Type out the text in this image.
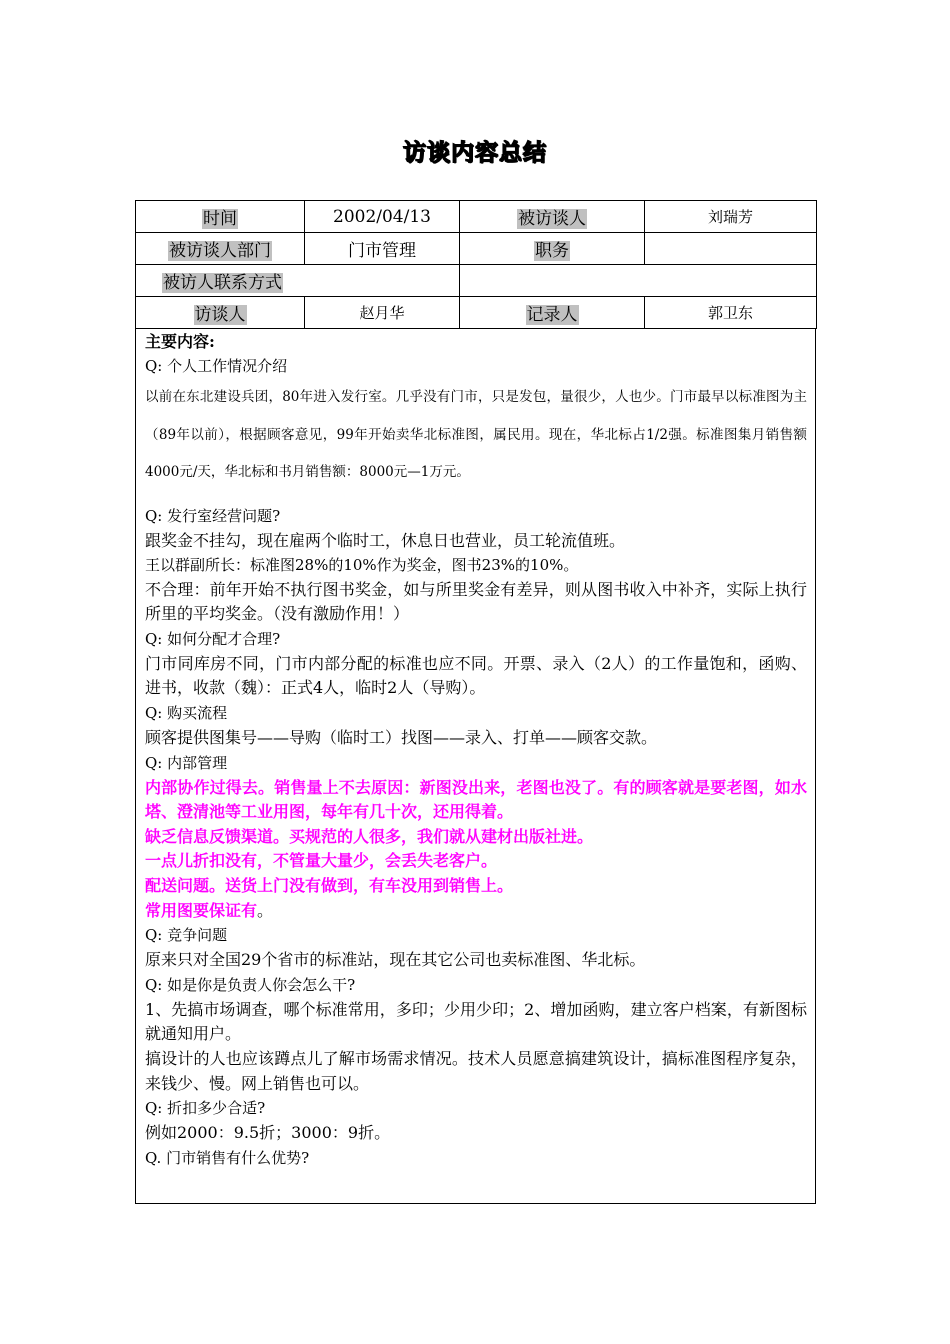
访谈内容总结
时间	2002/04/13	被访谈人	刘瑞芳
被访谈人部门	门市管理	职务	
被访人联系方式			
访谈人	赵月华	记录人	郭卫东
主要内容:
Q: 个人工作情况介绍
以前在东北建设兵团，80年进入发行室。几乎没有门市，只是发包，量很少，人也少。门市最早以标准图为主（89年以前），根据顾客意见，99年开始卖华北标准图，属民用。现在，华北标占1/2强。标准图集月销售额4000元/天，华北标和书月销售额：8000元—1万元。
Q: 发行室经营问题?
跟奖金不挂勾，现在雇两个临时工，休息日也营业，员工轮流值班。
王以群副所长：标准图28%的10%作为奖金，图书23%的10%。
不合理：前年开始不执行图书奖金，如与所里奖金有差异，则从图书收入中补齐，实际上执行所里的平均奖金。（没有激励作用！）
Q: 如何分配才合理?
门市同库房不同，门市内部分配的标准也应不同。开票、录入（2人）的工作量饱和，函购、进书，收款（魏）：正式4人，临时2人（导购）。
Q: 购买流程
顾客提供图集号——导购（临时工）找图——录入、打单——顾客交款。
Q: 内部管理
内部协作过得去。销售量上不去原因：新图没出来，老图也没了。有的顾客就是要老图，如水塔、澄清池等工业用图，每年有几十次，还用得着。
缺乏信息反馈渠道。买规范的人很多，我们就从建材出版社进。
一点儿折扣没有，不管量大量少，会丢失老客户。
配送问题。送货上门没有做到，有车没用到销售上。
常用图要保证有。
Q: 竞争问题
原来只对全国29个省市的标准站，现在其它公司也卖标准图、华北标。
Q: 如是你是负责人你会怎么干?
1、先搞市场调查，哪个标准常用，多印；少用少印；2、增加函购，建立客户档案，有新图标就通知用户。
搞设计的人也应该蹲点儿了解市场需求情况。技术人员愿意搞建筑设计，搞标准图程序复杂，来钱少、慢。网上销售也可以。
Q: 折扣多少合适?
例如2000：9.5折；3000：9折。
Q. 门市销售有什么优势?
